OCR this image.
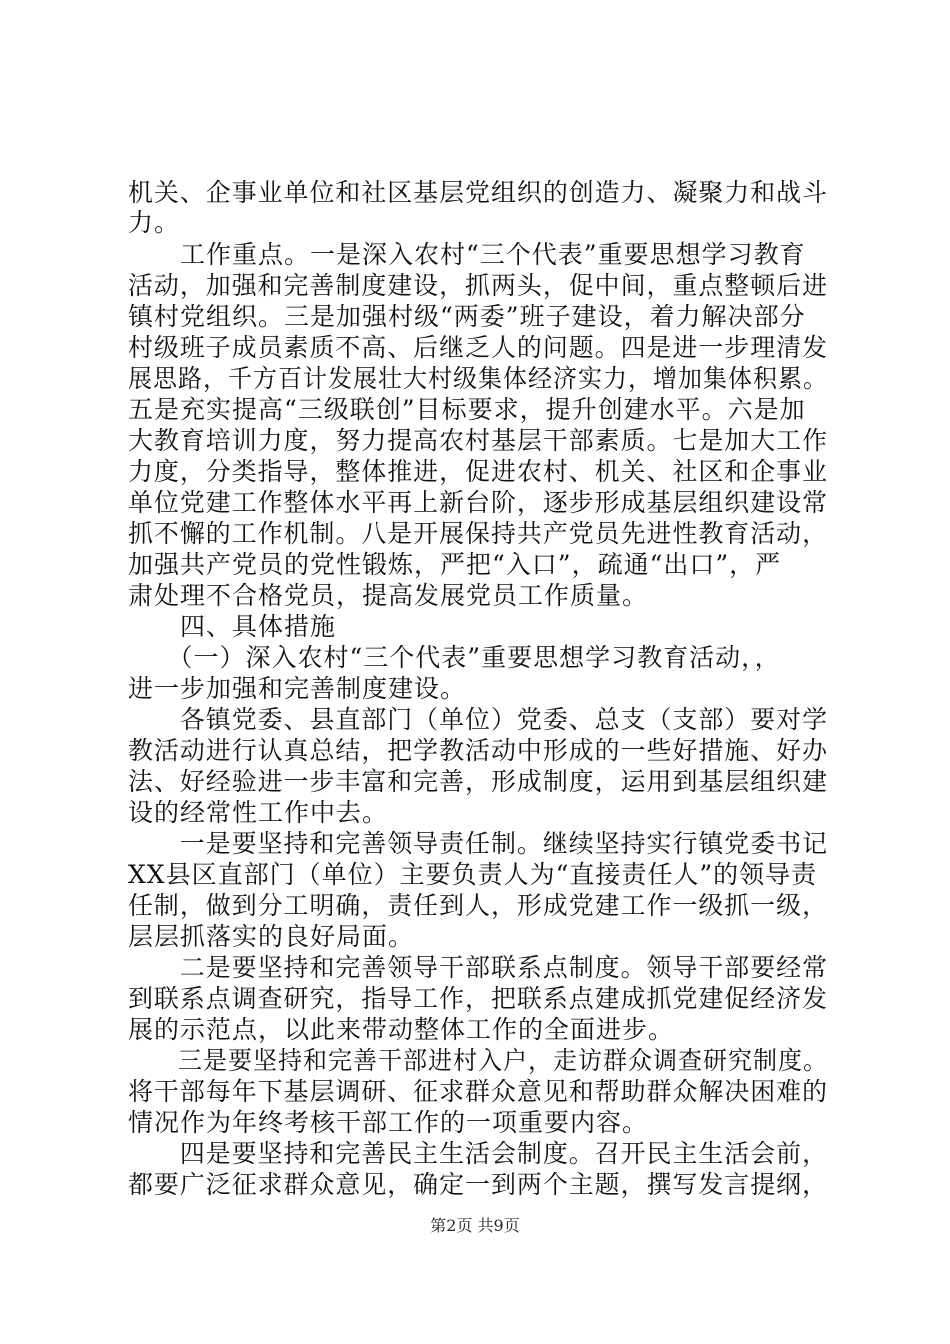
机关、企事业单位和社区基层党组织的创造力、凝聚力和战斗
力。
　　工作重点。一是深入农村“三个代表”重要思想学习教育
活动，加强和完善制度建设，抓两头，促中间，重点整顿后进
镇村党组织。三是加强村级“两委”班子建设，着力解决部分
村级班子成员素质不高、后继乏人的问题。四是进一步理清发
展思路，千方百计发展壮大村级集体经济实力，增加集体积累。
五是充实提高“三级联创”目标要求，提升创建水平。六是加
大教育培训力度，努力提高农村基层干部素质。七是加大工作
力度，分类指导，整体推进，促进农村、机关、社区和企事业
单位党建工作整体水平再上新台阶，逐步形成基层组织建设常
抓不懈的工作机制。八是开展保持共产党员先进性教育活动，
加强共产党员的党性锻炼，严把“入口”，疏通“出口”，严
肃处理不合格党员，提高发展党员工作质量。
　　四、具体措施
　　（一）深入农村“三个代表”重要思想学习教育活动，，
进一步加强和完善制度建设。
　　各镇党委、县直部门（单位）党委、总支（支部）要对学
教活动进行认真总结，把学教活动中形成的一些好措施、好办
法、好经验进一步丰富和完善，形成制度，运用到基层组织建
设的经常性工作中去。
　　一是要坚持和完善领导责任制。继续坚持实行镇党委书记
XX县区直部门（单位）主要负责人为“直接责任人”的领导责
任制，做到分工明确，责任到人，形成党建工作一级抓一级，
层层抓落实的良好局面。
　　二是要坚持和完善领导干部联系点制度。领导干部要经常
到联系点调查研究，指导工作，把联系点建成抓党建促经济发
展的示范点，以此来带动整体工作的全面进步。
　　三是要坚持和完善干部进村入户，走访群众调查研究制度。
将干部每年下基层调研、征求群众意见和帮助群众解决困难的
情况作为年终考核干部工作的一项重要内容。
　　四是要坚持和完善民主生活会制度。召开民主生活会前，
都要广泛征求群众意见，确定一到两个主题，撰写发言提纲，
第2页 共9页
